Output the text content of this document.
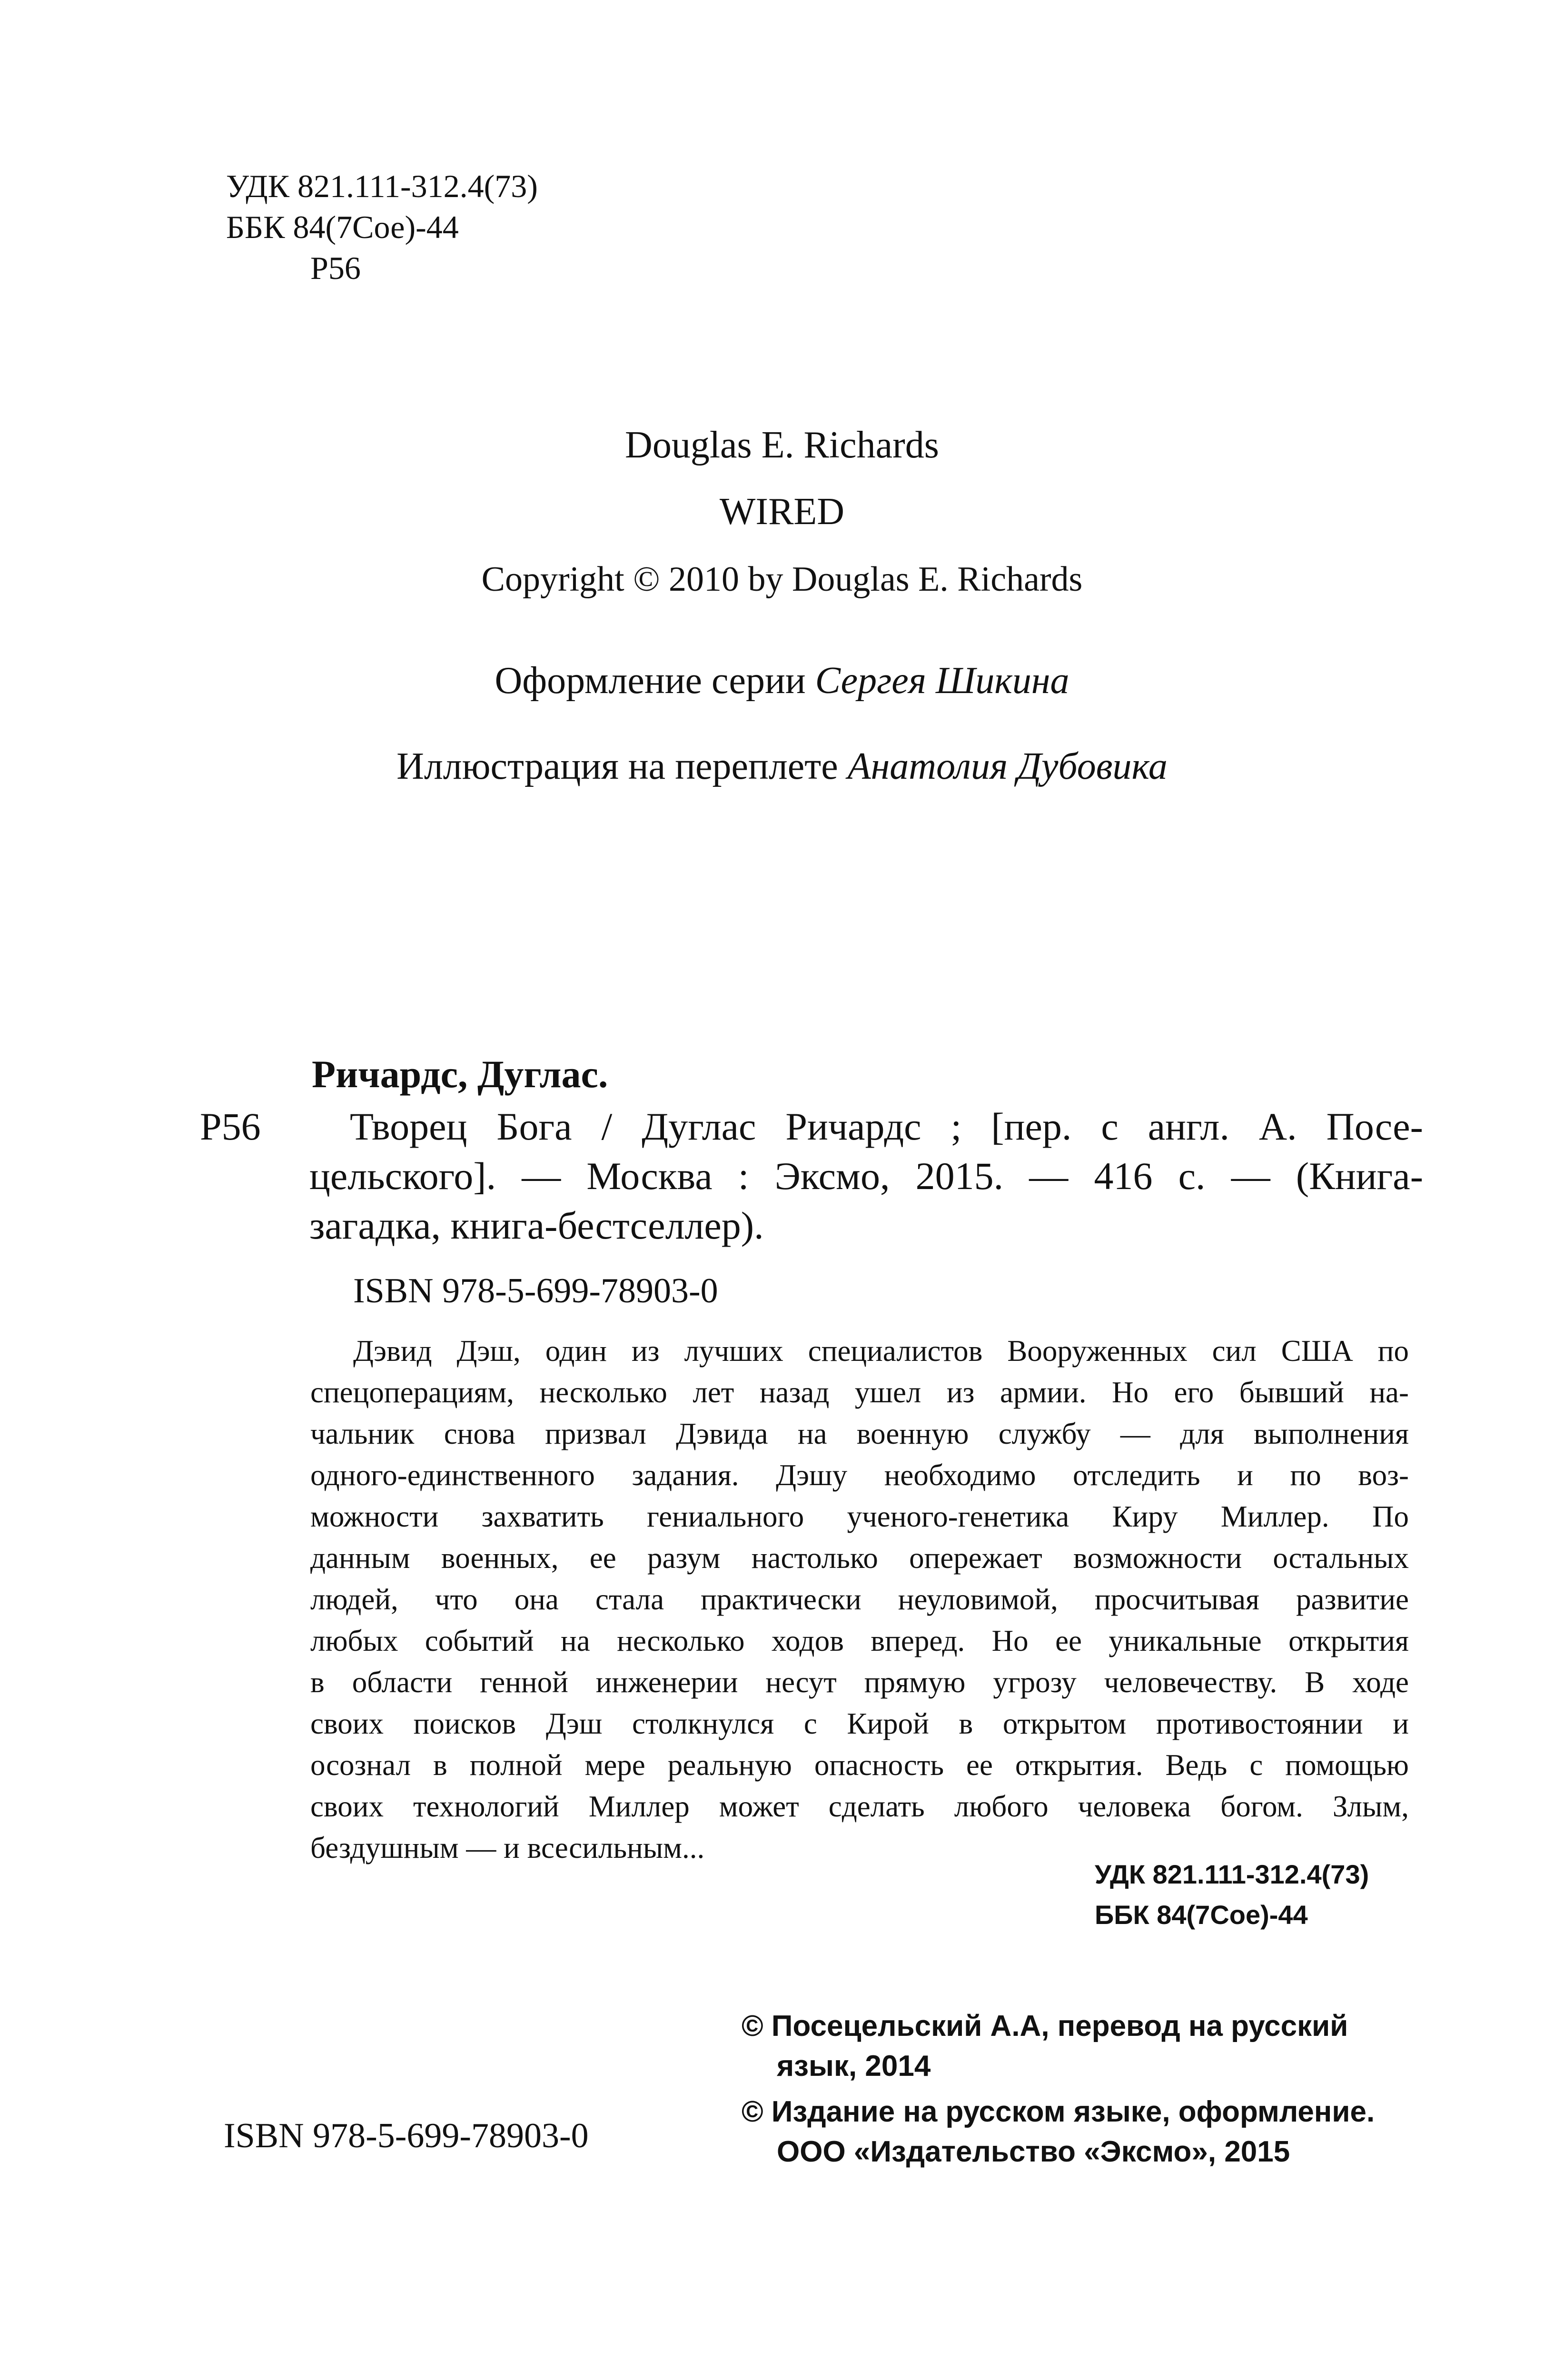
УДК 821.111-312.4(73)
ББК 84(7Сое)-44
Р56
Douglas E. Richards
WIRED
Copyright © 2010 by Douglas E. Richards
Оформление серии Сергея Шикина
Иллюстрация на переплете Анатолия Дубовика
Ричардс, Дуглас.
Р56	Творец Бога / Дуглас Ричардс ; [пер. с англ. А. Посе-
цельского]. — Москва : Эксмо, 2015. — 416 с. — (Книга-
загадка, книга-бестселлер).
ISBN 978-5-699-78903-0
Дэвид Дэш, один из лучших специалистов Вооруженных сил США по
спецоперациям, несколько лет назад ушел из армии. Но его бывший на-
чальник снова призвал Дэвида на военную службу — для выполнения
одного-единственного задания. Дэшу необходимо отследить и по воз-
можности захватить гениального ученого-генетика Киру Миллер. По
данным военных, ее разум настолько опережает возможности остальных
людей, что она стала практически неуловимой, просчитывая развитие
любых событий на несколько ходов вперед. Но ее уникальные открытия
в области генной инженерии несут прямую угрозу человечеству. В ходе
своих поисков Дэш столкнулся с Кирой в открытом противостоянии и
осознал в полной мере реальную опасность ее открытия. Ведь с помощью
своих технологий Миллер может сделать любого человека богом. Злым,
бездушным — и всесильным...
УДК 821.111-312.4(73)
ББК 84(7Сое)-44
© Посецельский А.А, перевод на русский
язык, 2014
© Издание на русском языке, оформление.
ООО «Издательство «Эксмо», 2015
ISBN 978-5-699-78903-0
